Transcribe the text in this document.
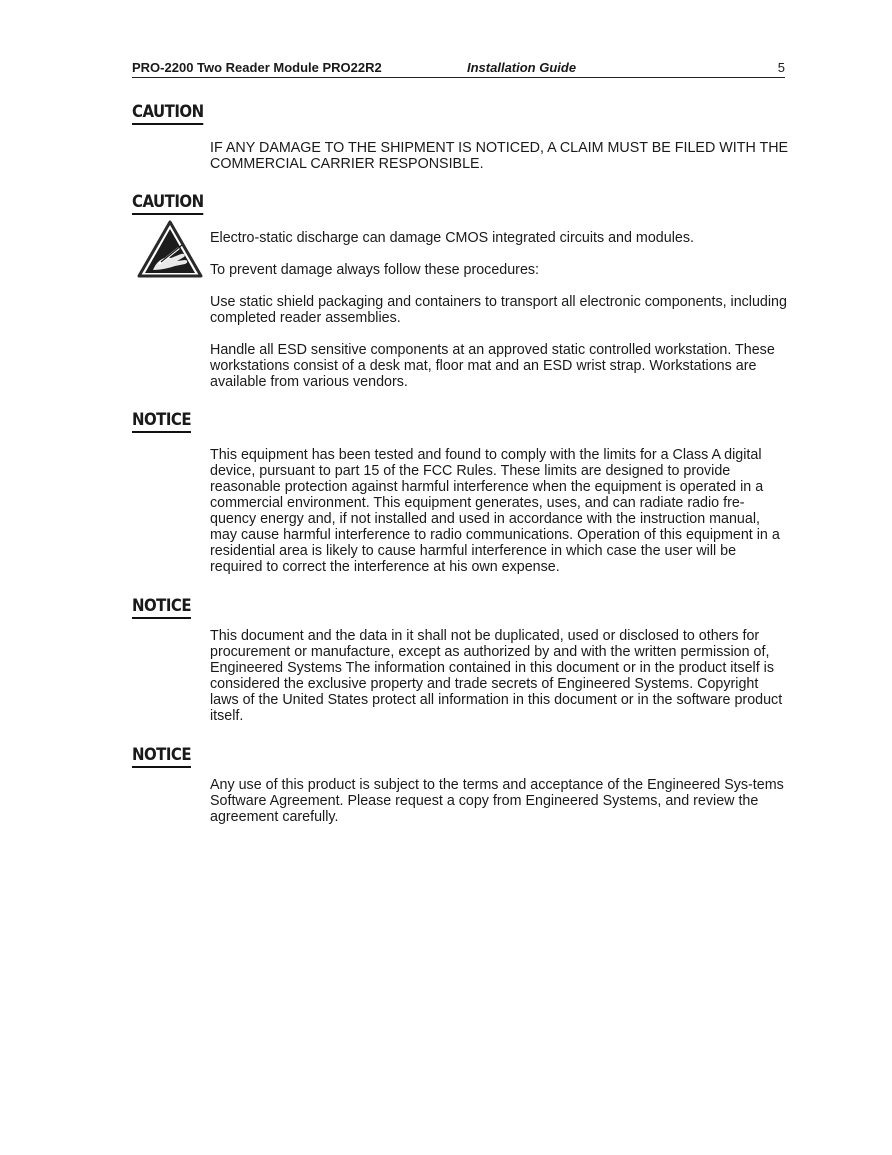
PRO-2200 Two Reader Module PRO22R2	Installation Guide	5
CAUTION

IF ANY DAMAGE TO THE SHIPMENT IS NOTICED, A CLAIM MUST BE FILED WITH THE COMMERCIAL CARRIER RESPONSIBLE.

CAUTION

Electro-static discharge can damage CMOS integrated circuits and modules.

To prevent damage always follow these procedures:

Use static shield packaging and containers to transport all electronic components, including completed reader assemblies.

Handle all ESD sensitive components at an approved static controlled workstation. These workstations consist of a desk mat, floor mat and an ESD wrist strap. Workstations are available from various vendors.

NOTICE

This equipment has been tested and found to comply with the limits for a Class A digital device, pursuant to part 15 of the FCC Rules. These limits are designed to provide reasonable protection against harmful interference when the equipment is operated in a commercial environment. This equipment generates, uses, and can radiate radio fre-quency energy and, if not installed and used in accordance with the instruction manual, may cause harmful interference to radio communications. Operation of this equipment in a residential area is likely to cause harmful interference in which case the user will be required to correct the interference at his own expense.

NOTICE

This document and the data in it shall not be duplicated, used or disclosed to others for procurement or manufacture, except as authorized by and with the written permission of, Engineered Systems The information contained in this document or in the product itself is considered the exclusive property and trade secrets of Engineered Systems. Copyright laws of the United States protect all information in this document or in the software product itself.

NOTICE

Any use of this product is subject to the terms and acceptance of the Engineered Sys-tems Software Agreement. Please request a copy from Engineered Systems, and review the agreement carefully.
